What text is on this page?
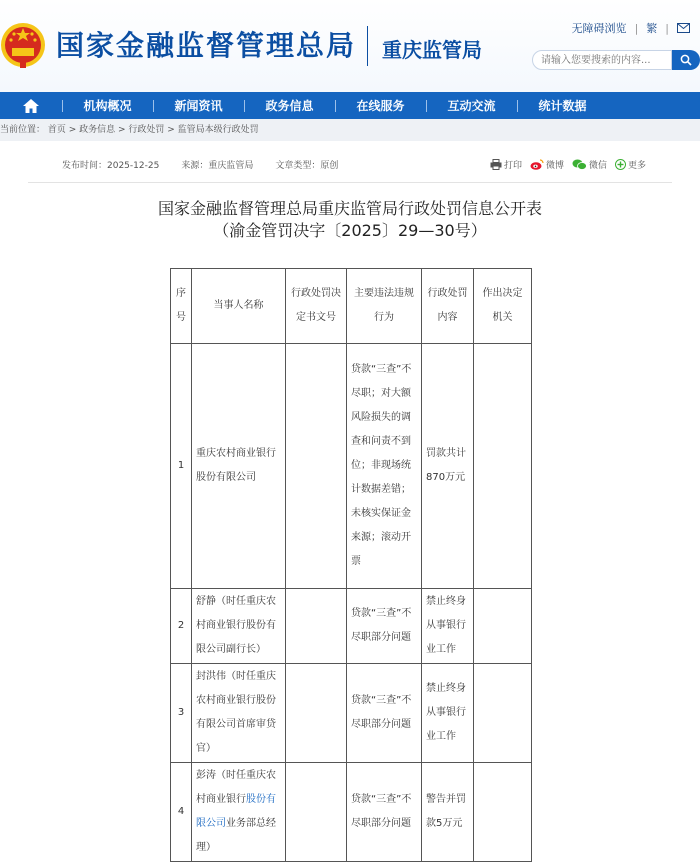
国家金融监督管理总局 重庆监管局
无障碍浏览 | 繁 |
请输入您要搜索的内容...
机构概况	新闻资讯	政务信息	在线服务	互动交流	统计数据
当前位置： 首页 > 政务信息 > 行政处罚 > 监管局本级行政处罚
发布时间：2025-12-25 来源：重庆监管局 文章类型：原创	打印	微博	微信 更多
国家金融监督管理总局重庆监管局行政处罚信息公开表
（渝金管罚决字〔2025〕29—30号）
序号	当事人名称	行政处罚决定书文号	主要违法违规行为	行政处罚内容	作出决定机关
1	重庆农村商业银行股份有限公司		贷款“三查”不尽职；对大额风险损失的调查和问责不到位；非现场统计数据差错；未核实保证金来源；滚动开票	罚款共计870万元	
2	舒静（时任重庆农村商业银行股份有限公司副行长）		贷款“三查”不尽职部分问题	禁止终身从事银行业工作	
3	封洪伟（时任重庆农村商业银行股份有限公司首席审贷官）		贷款“三查”不尽职部分问题	禁止终身从事银行业工作	
4	彭涛（时任重庆农村商业银行股份有限公司业务部总经理）		贷款“三查”不尽职部分问题	警告并罚款5万元	
